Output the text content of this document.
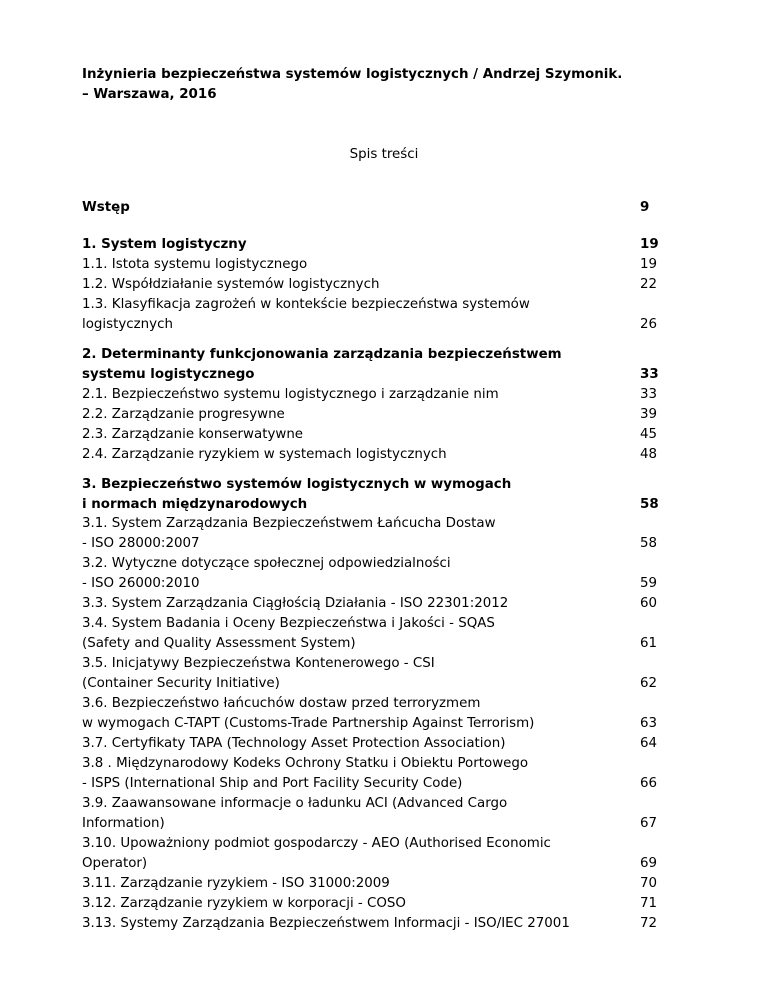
Inżynieria bezpieczeństwa systemów logistycznych / Andrzej Szymonik.
– Warszawa, 2016
Spis treści
Wstęp	9
1. System logistyczny	19
1.1. Istota systemu logistycznego	19
1.2. Współdziałanie systemów logistycznych	22
1.3. Klasyfikacja zagrożeń w kontekście bezpieczeństwa systemów
logistycznych	26
2. Determinanty funkcjonowania zarządzania bezpieczeństwem
systemu logistycznego	33
2.1. Bezpieczeństwo systemu logistycznego i zarządzanie nim	33
2.2. Zarządzanie progresywne	39
2.3. Zarządzanie konserwatywne	45
2.4. Zarządzanie ryzykiem w systemach logistycznych	48
3. Bezpieczeństwo systemów logistycznych w wymogach
i normach międzynarodowych	58
3.1. System Zarządzania Bezpieczeństwem Łańcucha Dostaw
- ISO 28000:2007	58
3.2. Wytyczne dotyczące społecznej odpowiedzialności
- ISO 26000:2010	59
3.3. System Zarządzania Ciągłością Działania - ISO 22301:2012	60
3.4. System Badania i Oceny Bezpieczeństwa i Jakości - SQAS
(Safety and Quality Assessment System)	61
3.5. Inicjatywy Bezpieczeństwa Kontenerowego - CSI
(Container Security Initiative)	62
3.6. Bezpieczeństwo łańcuchów dostaw przed terroryzmem
w wymogach C-TAPT (Customs-Trade Partnership Against Terrorism)	63
3.7. Certyfikaty TAPA (Technology Asset Protection Association)	64
3.8 . Międzynarodowy Kodeks Ochrony Statku i Obiektu Portowego
- ISPS (International Ship and Port Facility Security Code)	66
3.9. Zaawansowane informacje o ładunku ACI (Advanced Cargo
Information)	67
3.10. Upoważniony podmiot gospodarczy - AEO (Authorised Economic
Operator)	69
3.11. Zarządzanie ryzykiem - ISO 31000:2009	70
3.12. Zarządzanie ryzykiem w korporacji - COSO	71
3.13. Systemy Zarządzania Bezpieczeństwem Informacji - ISO/IEC 27001	72
